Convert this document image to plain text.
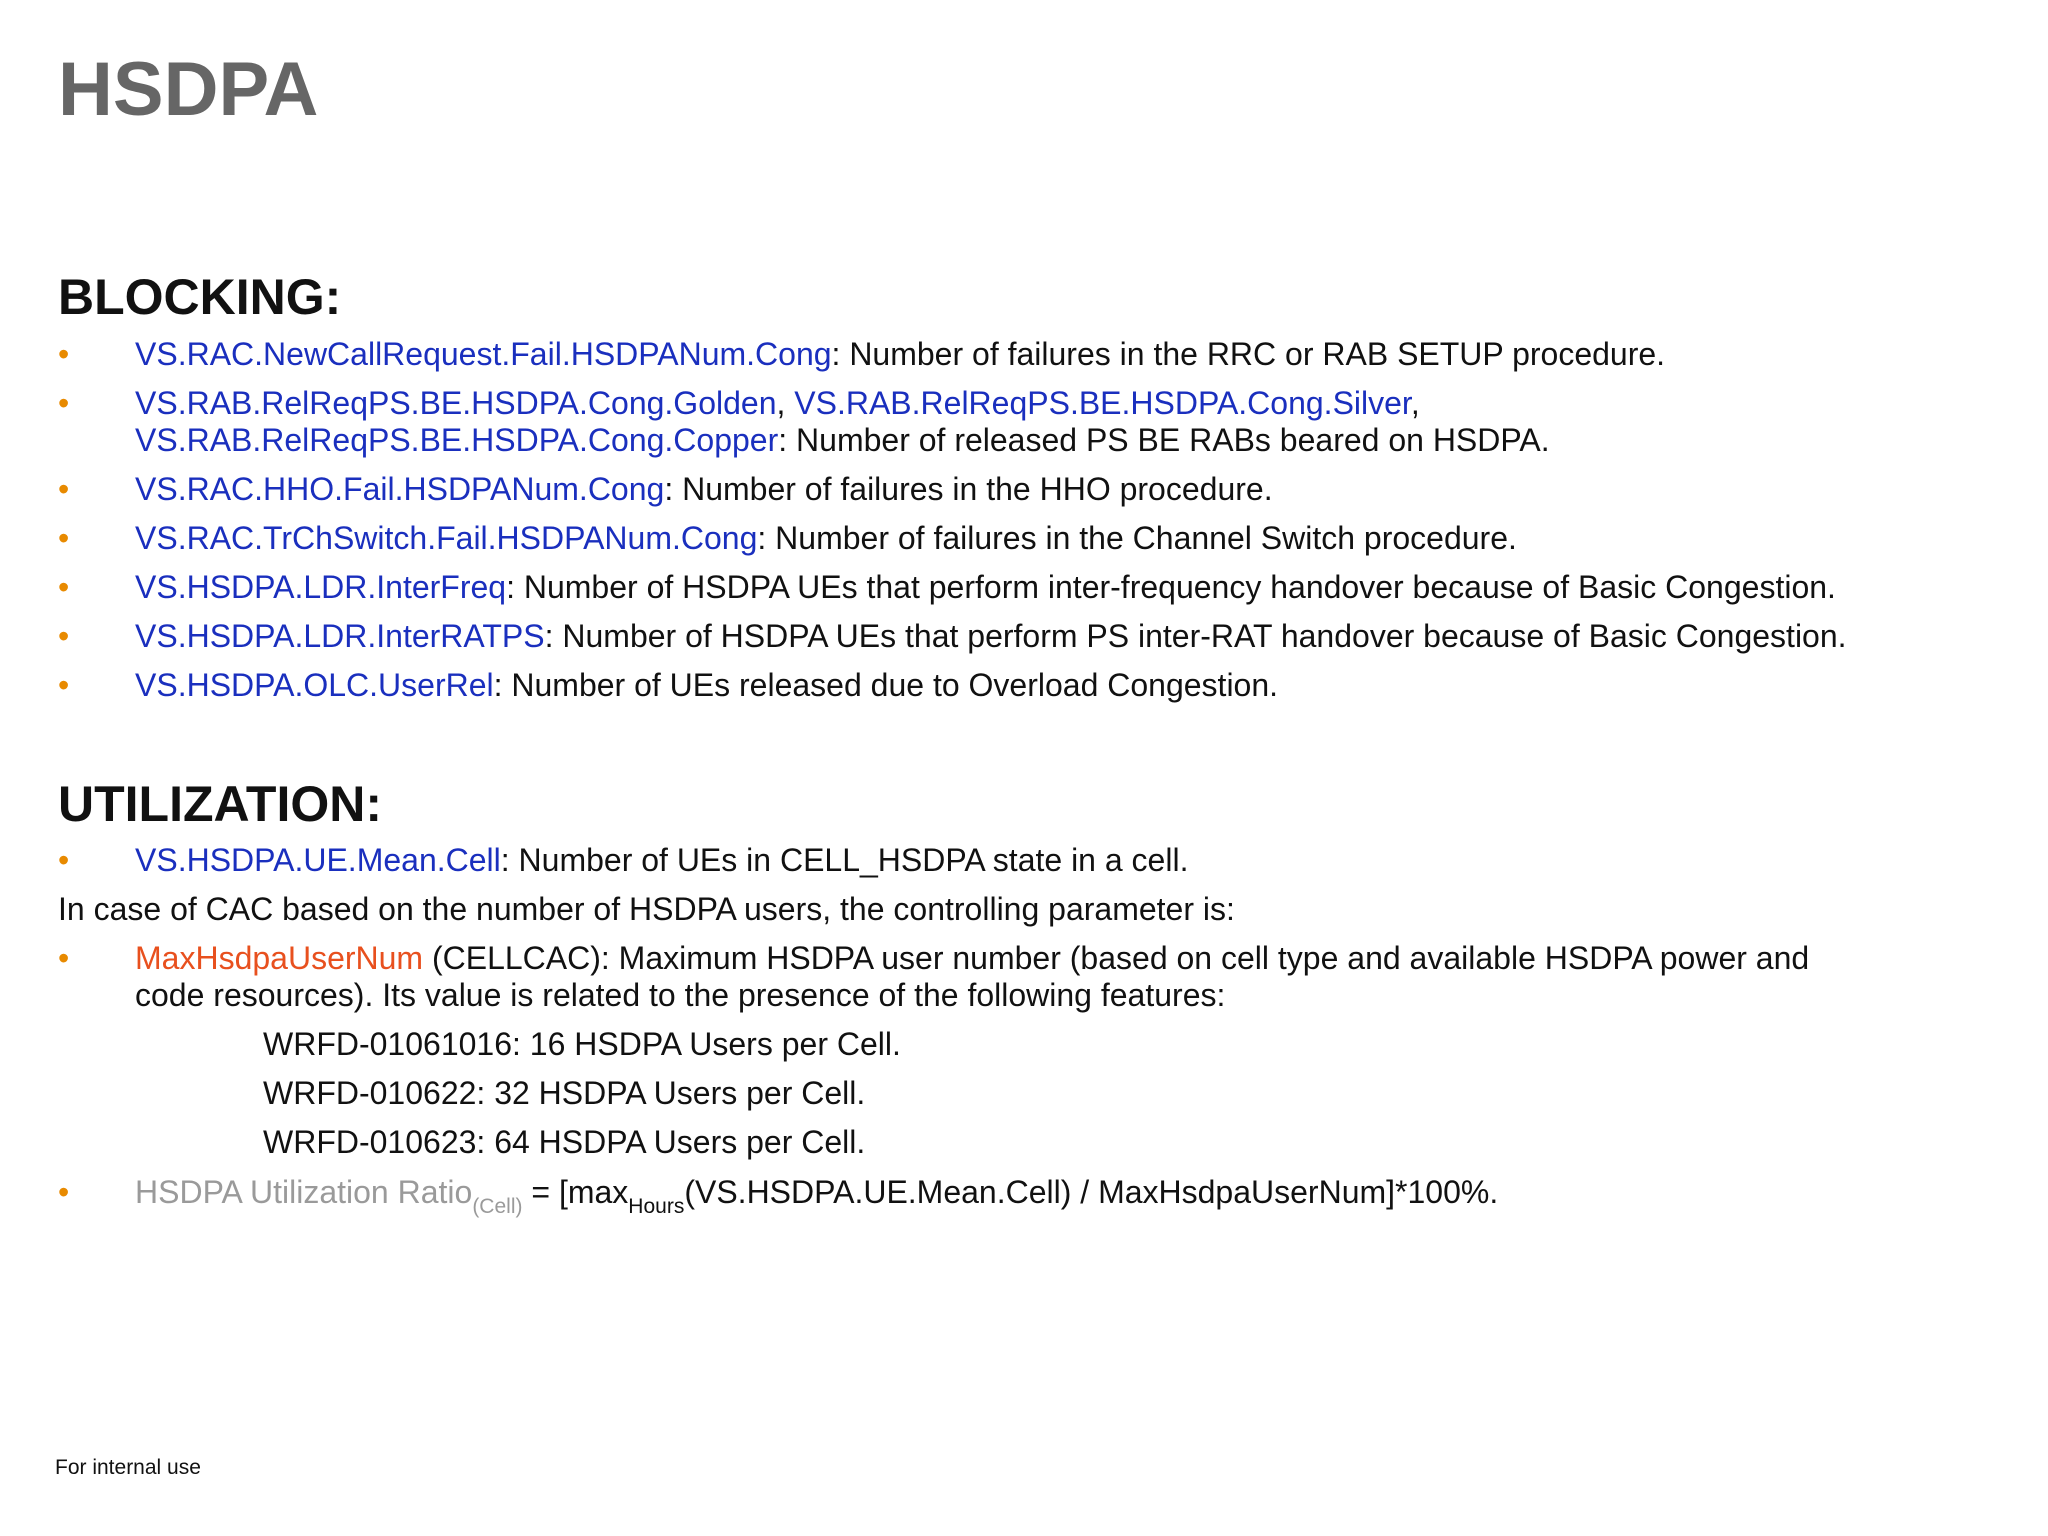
HSDPA
BLOCKING:
• VS.RAC.NewCallRequest.Fail.HSDPANum.Cong: Number of failures in the RRC or RAB SETUP procedure.
• VS.RAB.RelReqPS.BE.HSDPA.Cong.Golden, VS.RAB.RelReqPS.BE.HSDPA.Cong.Silver,
VS.RAB.RelReqPS.BE.HSDPA.Cong.Copper: Number of released PS BE RABs beared on HSDPA.
• VS.RAC.HHO.Fail.HSDPANum.Cong: Number of failures in the HHO procedure.
• VS.RAC.TrChSwitch.Fail.HSDPANum.Cong: Number of failures in the Channel Switch procedure.
• VS.HSDPA.LDR.InterFreq: Number of HSDPA UEs that perform inter-frequency handover because of Basic Congestion.
• VS.HSDPA.LDR.InterRATPS: Number of HSDPA UEs that perform PS inter-RAT handover because of Basic Congestion.
• VS.HSDPA.OLC.UserRel: Number of UEs released due to Overload Congestion.
UTILIZATION:
• VS.HSDPA.UE.Mean.Cell: Number of UEs in CELL_HSDPA state in a cell.
In case of CAC based on the number of HSDPA users, the controlling parameter is:
• MaxHsdpaUserNum (CELLCAC): Maximum HSDPA user number (based on cell type and available HSDPA power and
code resources). Its value is related to the presence of the following features:
WRFD-01061016: 16 HSDPA Users per Cell.
WRFD-010622: 32 HSDPA Users per Cell.
WRFD-010623: 64 HSDPA Users per Cell.
• HSDPA Utilization Ratio$_{(Cell)}$ = [$\max_{Hours}(VS.HSDPA.UE.Mean.Cell)$ / MaxHsdpaUserNum]*100%.
For internal use
